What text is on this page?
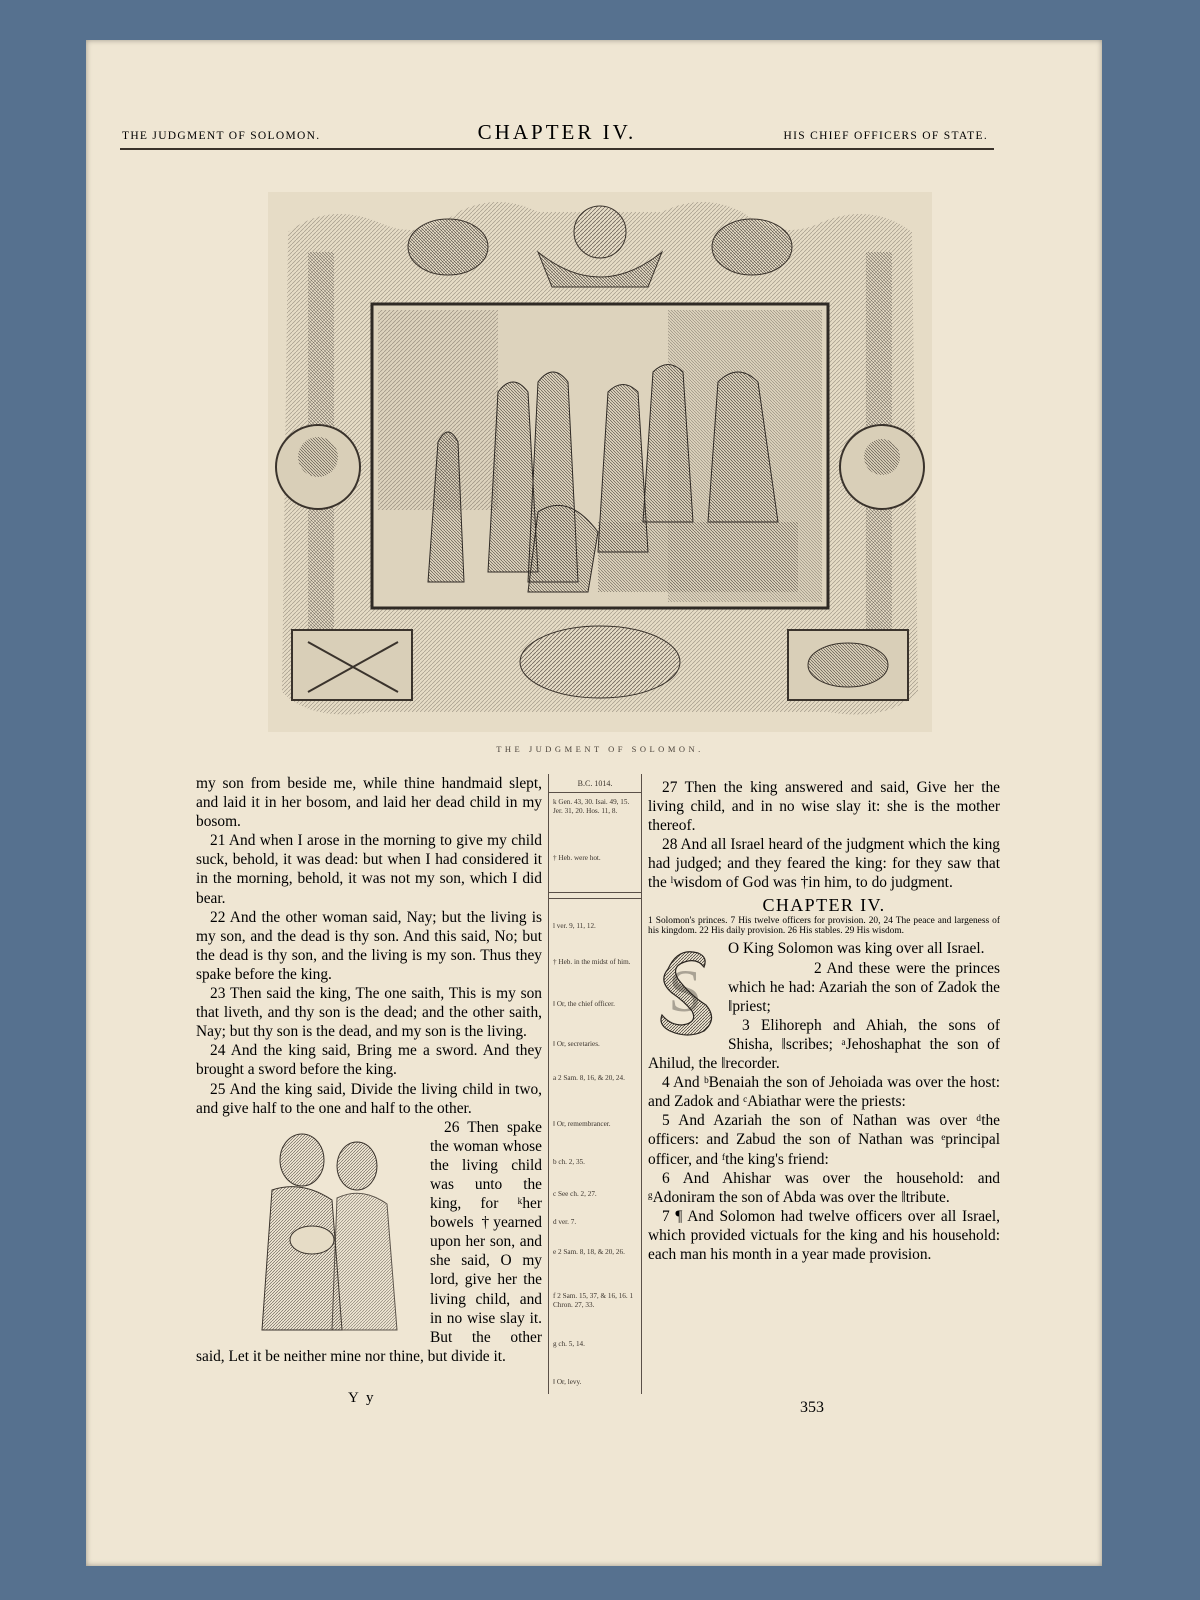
THE JUDGMENT OF SOLOMON.	CHAPTER IV.	HIS CHIEF OFFICERS OF STATE.
THE JUDGMENT OF SOLOMON.

my son from beside me, while thine handmaid slept, and laid it in her bosom, and laid her dead child in my bosom.

21 And when I arose in the morning to give my child suck, behold, it was dead: but when I had considered it in the morning, behold, it was not my son, which I did bear.

22 And the other woman said, Nay; but the living is my son, and the dead is thy son. And this said, No; but the dead is thy son, and the living is my son. Thus they spake before the king.

23 Then said the king, The one saith, This is my son that liveth, and thy son is the dead; and the other saith, Nay; but thy son is the dead, and my son is the living.

24 And the king said, Bring me a sword. And they brought a sword before the king.

25 And the king said, Divide the living child in two, and give half to the one and half to the other.

26 Then spake the woman whose the living child was unto the king, for ᵏher bowels †yearned upon her son, and she said, O my lord, give her the living child, and in no wise slay it. But the other said, Let it be neither mine nor thine, but divide it.

B.C. 1014.
k Gen. 43, 30. Isai. 49, 15. Jer. 31, 20. Hos. 11, 8.
† Heb. were hot.
l ver. 9, 11, 12.
† Heb. in the midst of him.
‖ Or, the chief officer.
‖ Or, secretaries.
a 2 Sam. 8, 16, & 20, 24.
‖ Or, remembrancer.
b ch. 2, 35.
c See ch. 2, 27.
d ver. 7.
e 2 Sam. 8, 18, & 20, 26.
f 2 Sam. 15, 37, & 16, 16. 1 Chron. 27, 33.
g ch. 5, 14.
‖ Or, levy.

27 Then the king answered and said, Give her the living child, and in no wise slay it: she is the mother thereof.

28 And all Israel heard of the judgment which the king had judged; and they feared the king: for they saw that the ˡwisdom of God was †in him, to do judgment.

CHAPTER IV.
1 Solomon's princes. 7 His twelve officers for provision. 20, 24 The peace and largeness of his kingdom. 22 His daily provision. 26 His stables. 29 His wisdom.
S

O King Solomon was king over all Israel.

2 And these were the princes which he had: Azariah the son of Zadok the ‖priest;

3 Elihoreph and Ahiah, the sons of Shisha, ‖scribes; ᵃJehoshaphat the son of Ahilud, the ‖recorder.

4 And ᵇBenaiah the son of Jehoiada was over the host: and Zadok and ᶜAbiathar were the priests:

5 And Azariah the son of Nathan was over ᵈthe officers: and Zabud the son of Nathan was ᵉprincipal officer, and ᶠthe king's friend:

6 And Ahishar was over the household: and ᵍAdoniram the son of Abda was over the ‖tribute.

7 ¶ And Solomon had twelve officers over all Israel, which provided victuals for the king and his household: each man his month in a year made provision.

Y y
353
